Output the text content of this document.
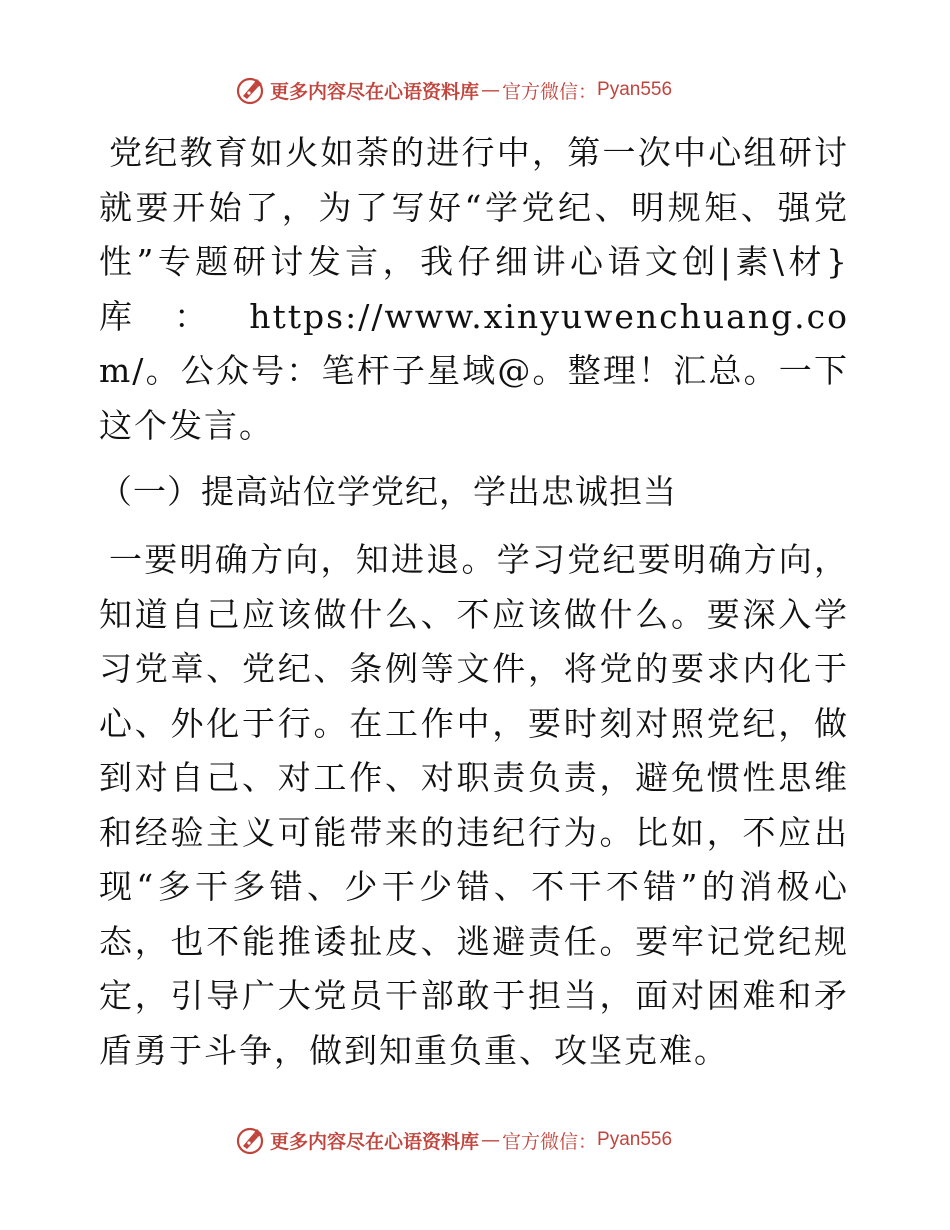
更多内容尽在心语资料库 — 官方微信： Pyan556

党纪教育如火如荼的进行中，第一次中心组研讨就要开始了，为了写好“学党纪、明规矩、强党性”专题研讨发言，我仔细讲心语文创|素\材}库：https://www.xinyuwenchuang.com/。公众号：笔杆子星域@。整理！汇总。一下这个发言。

（一）提高站位学党纪，学出忠诚担当

一要明确方向，知进退。学习党纪要明确方向，知道自己应该做什么、不应该做什么。要深入学习党章、党纪、条例等文件，将党的要求内化于心、外化于行。在工作中，要时刻对照党纪，做到对自己、对工作、对职责负责，避免惯性思维和经验主义可能带来的违纪行为。比如，不应出现“多干多错、少干少错、不干不错”的消极心态，也不能推诿扯皮、逃避责任。要牢记党纪规定，引导广大党员干部敢于担当，面对困难和矛盾勇于斗争，做到知重负重、攻坚克难。

更多内容尽在心语资料库 — 官方微信： Pyan556
